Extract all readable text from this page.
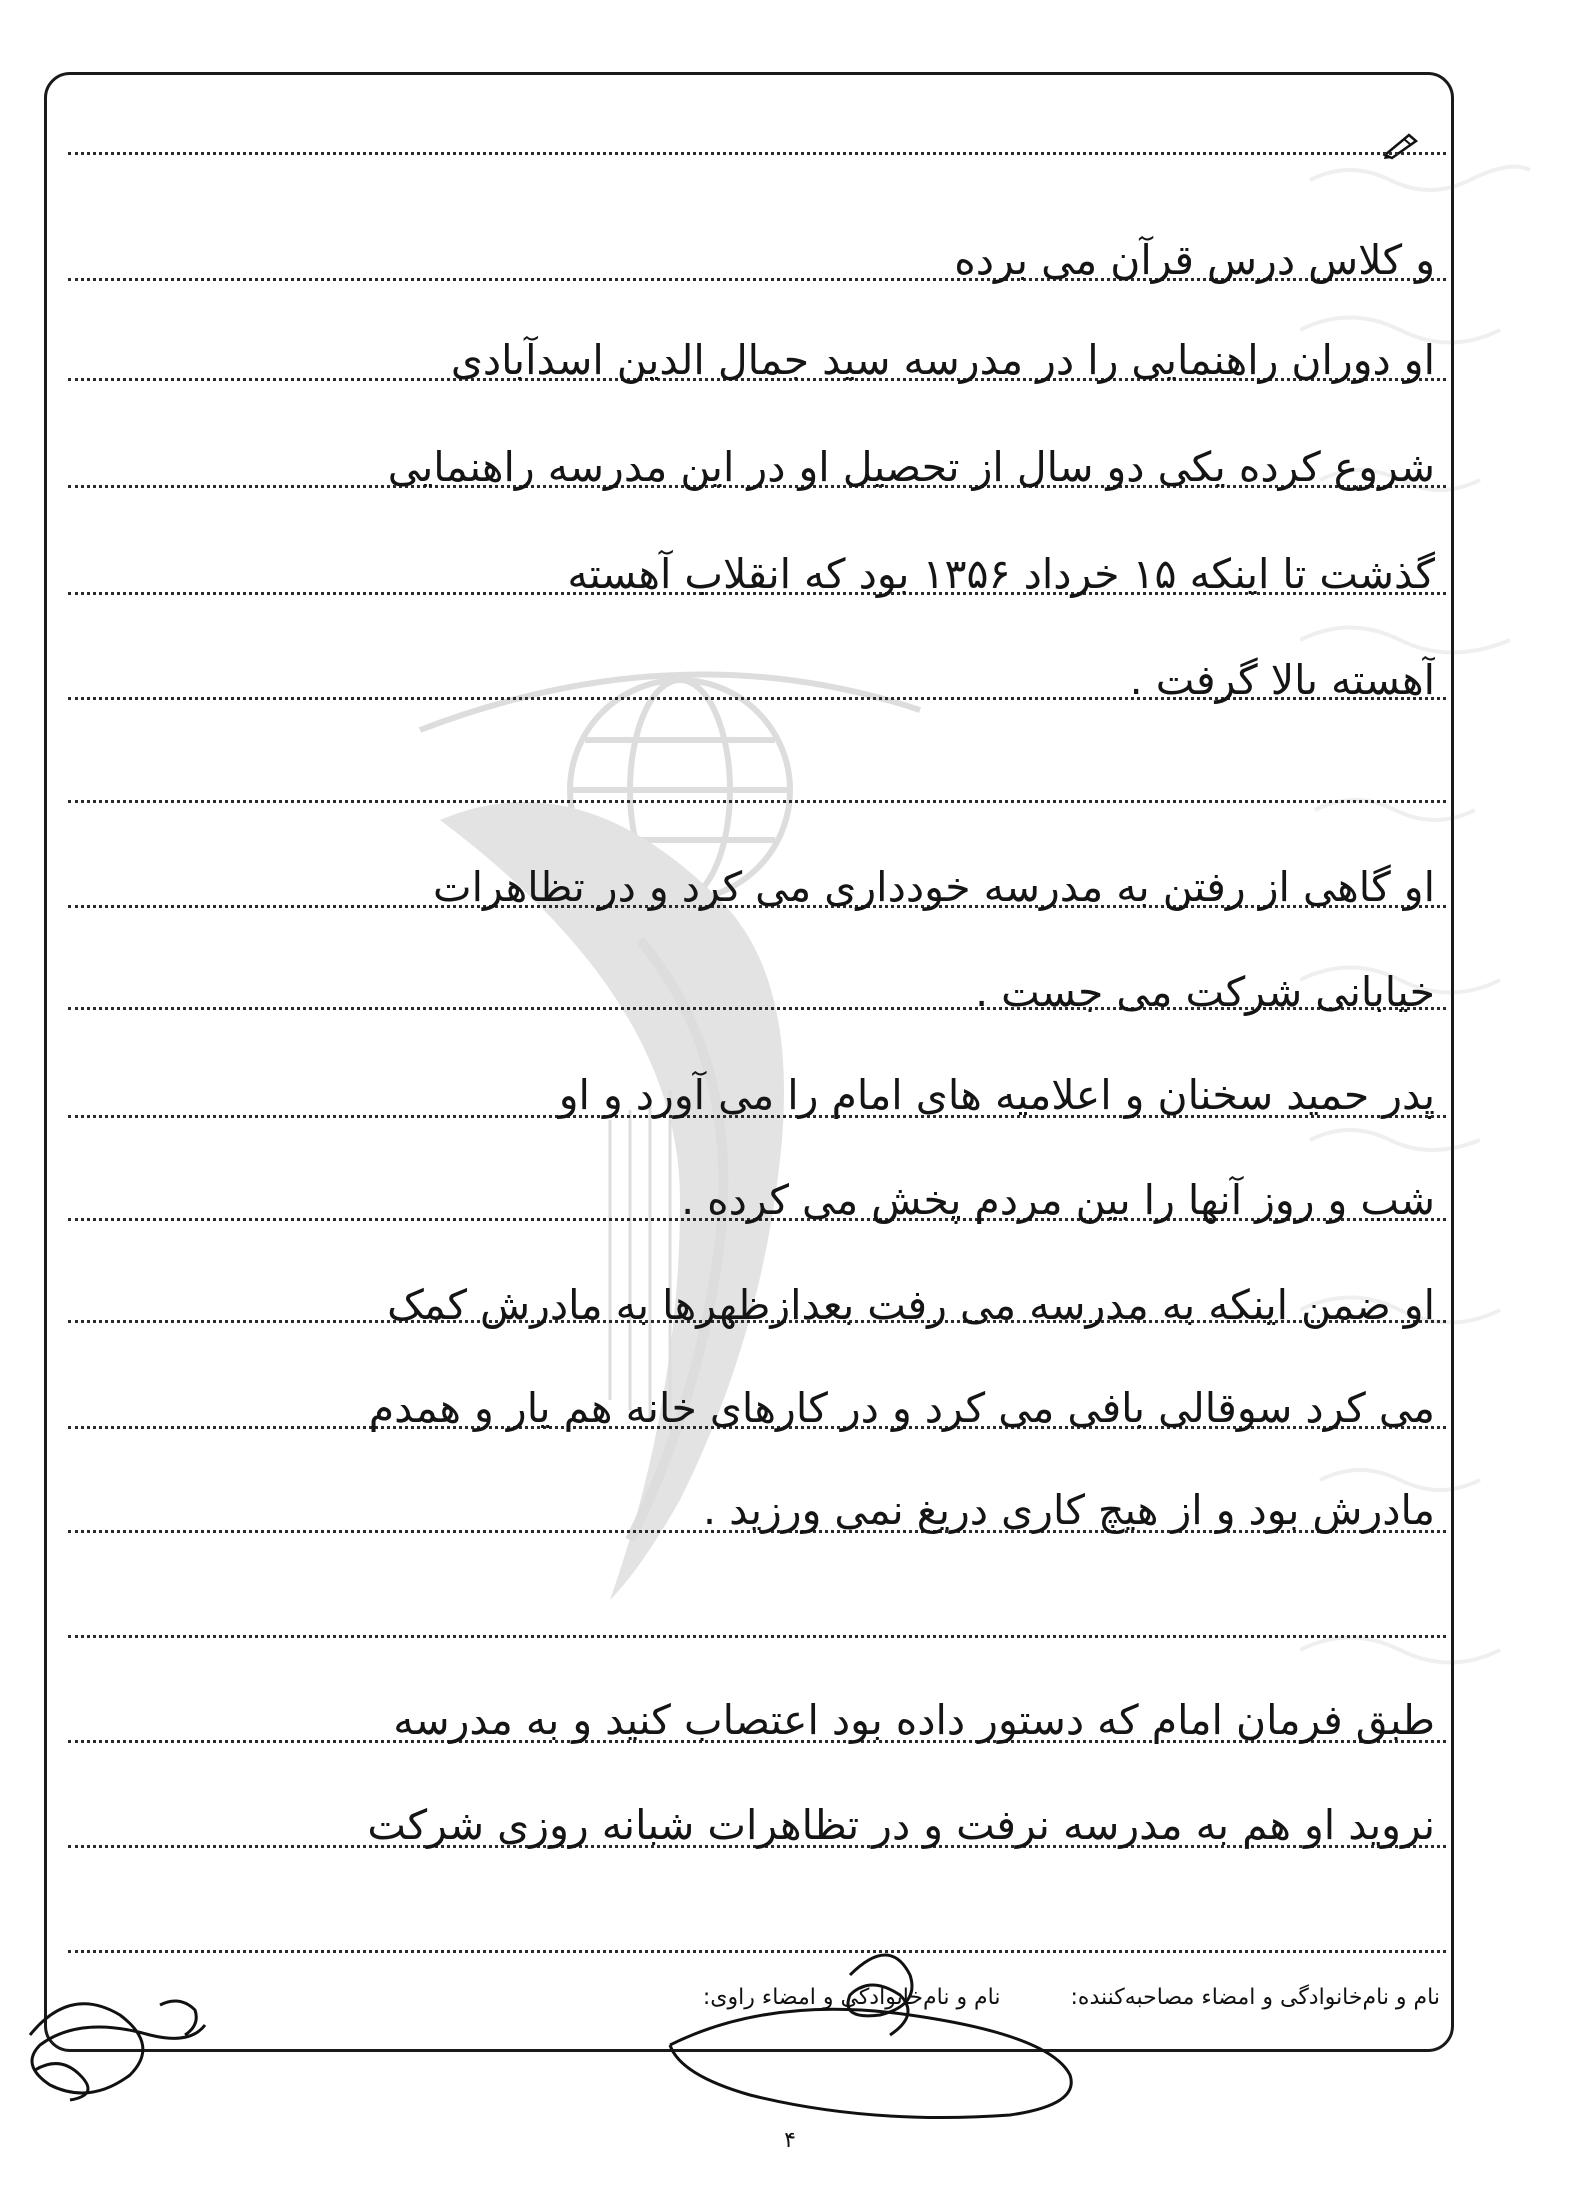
و کلاس درس قرآن می برده
او دوران راهنمایی را در مدرسه سید جمال الدین اسدآبادی
شروع کرده یکی دو سال از تحصیل او در این مدرسه راهنمایی
گذشت تا اینکه ۱۵ خرداد ۱۳۵۶ بود که انقلاب آهسته
آهسته بالا گرفت .
او گاهی از رفتن به مدرسه خودداری می کرد و در تظاهرات
خیابانی شرکت می جست .
پدر حمید سخنان و اعلامیه های امام را می آورد و او
شب و روز آنها را بین مردم پخش می کرده .
او ضمن اینکه به مدرسه می رفت بعدازظهرها به مادرش کمک
می کرد سوقالی بافی می کرد و در کارهای خانه هم یار و همدم
مادرش بود و از هیچ کاری دریغ نمی ورزید .
طبق فرمان امام که دستور داده بود اعتصاب کنید و به مدرسه
نروید او هم به مدرسه نرفت و در تظاهرات شبانه روزی شرکت
نام و نام‌خانوادگی و امضاء مصاحبه‌کننده:
نام و نام‌خانوادگی و امضاء راوی:
۴
